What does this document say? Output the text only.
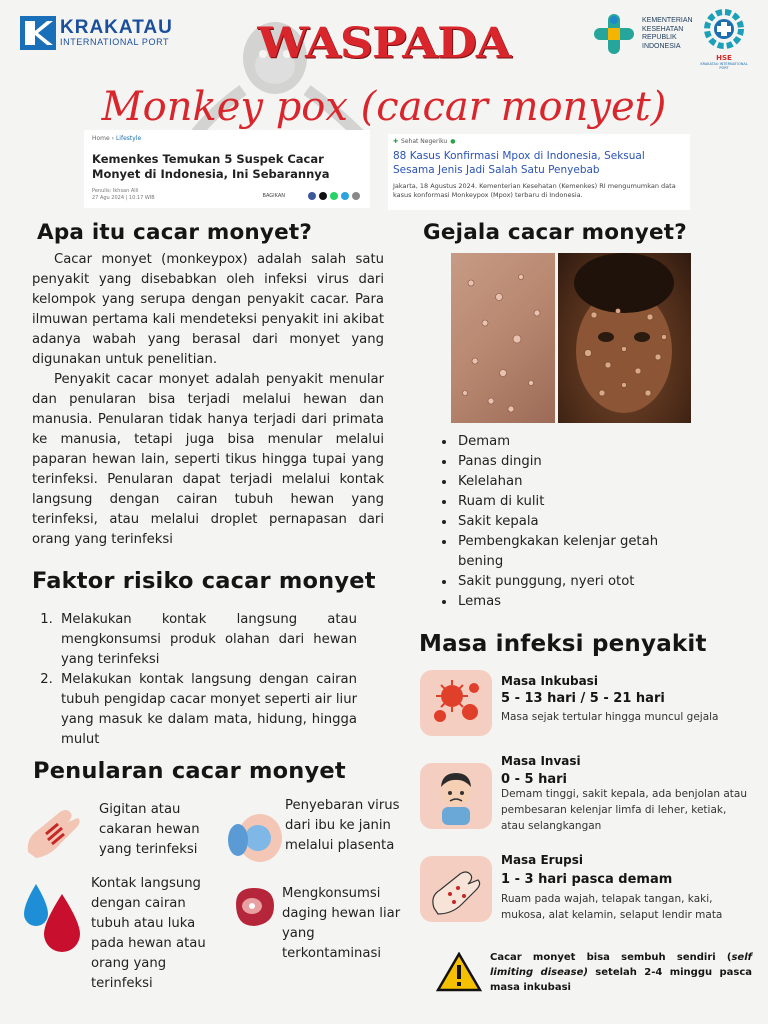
KRAKATAU
INTERNATIONAL PORT	WASPADA
Monkey pox (cacar monyet)
KEMENTERIAN
KESEHATAN
REPUBLIK
INDONESIA
HSE
KRAKATAU INTERNATIONAL PORT
Home › Lifestyle
Kemenkes Temukan 5 Suspek Cacar Monyet di Indonesia, Ini Sebarannya
Penulis: Ikhsan Alli
27 Agu 2024 | 10:17 WIB	BAGIKAN
✚ Sehat Negeriku ●
88 Kasus Konfirmasi Mpox di Indonesia, Seksual Sesama Jenis Jadi Salah Satu Penyebab
Jakarta, 18 Agustus 2024. Kementerian Kesehatan (Kemenkes) RI mengumumkan data kasus konformasi Monkeypox (Mpox) terbaru di Indonesia.
Apa itu cacar monyet?

Cacar monyet (monkeypox) adalah salah satu penyakit yang disebabkan oleh infeksi virus dari kelompok yang serupa dengan penyakit cacar. Para ilmuwan pertama kali mendeteksi penyakit ini akibat adanya wabah yang berasal dari monyet yang digunakan untuk penelitian.

Penyakit cacar monyet adalah penyakit menular dan penularan bisa terjadi melalui hewan dan manusia. Penularan tidak hanya terjadi dari primata ke manusia, tetapi juga bisa menular melalui paparan hewan lain, seperti tikus hingga tupai yang terinfeksi. Penularan dapat terjadi melalui kontak langsung dengan cairan tubuh hewan yang terinfeksi, atau melalui droplet pernapasan dari orang yang terinfeksi

Faktor risiko cacar monyet
1. Melakukan kontak langsung atau mengkonsumsi produk olahan dari hewan yang terinfeksi
2. Melakukan kontak langsung dengan cairan tubuh pengidap cacar monyet seperti air liur yang masuk ke dalam mata, hidung, hingga mulut
Penularan cacar monyet
Gigitan atau cakaran hewan yang terinfeksi
Penyebaran virus dari ibu ke janin melalui plasenta
Kontak langsung dengan cairan tubuh atau luka pada hewan atau orang yang terinfeksi
Mengkonsumsi daging hewan liar yang terkontaminasi
Gejala cacar monyet?
• Demam
• Panas dingin
• Kelelahan
• Ruam di kulit
• Sakit kepala
• Pembengkakan kelenjar getah bening
• Sakit punggung, nyeri otot
• Lemas
Masa infeksi penyakit
Masa Inkubasi
5 - 13 hari / 5 - 21 hari
Masa sejak tertular hingga muncul gejala
Masa Invasi
0 - 5 hari
Demam tinggi, sakit kepala, ada benjolan atau pembesaran kelenjar limfa di leher, ketiak, atau selangkangan
Masa Erupsi
1 - 3 hari pasca demam
Ruam pada wajah, telapak tangan, kaki, mukosa, alat kelamin, selaput lendir mata
Cacar monyet bisa sembuh sendiri (self limiting disease) setelah 2-4 minggu pasca masa inkubasi
